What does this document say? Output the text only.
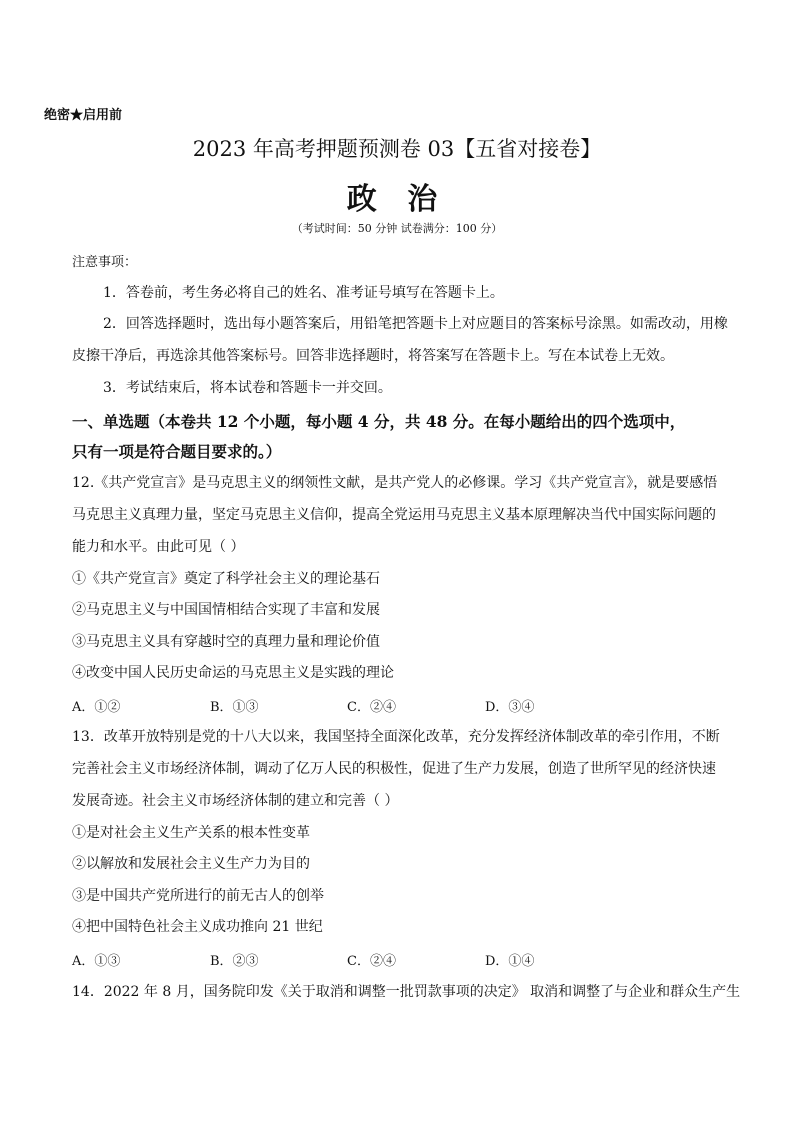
绝密★启用前
2023 年高考押题预测卷 03【五省对接卷】
政 治
（考试时间：50 分钟 试卷满分：100 分）
注意事项：
1．答卷前，考生务必将自己的姓名、准考证号填写在答题卡上。
2．回答选择题时，选出每小题答案后，用铅笔把答题卡上对应题目的答案标号涂黑。如需改动，用橡
皮擦干净后，再选涂其他答案标号。回答非选择题时，将答案写在答题卡上。写在本试卷上无效。
3．考试结束后，将本试卷和答题卡一并交回。
一、单选题（本卷共 12 个小题，每小题 4 分，共 48 分。在每小题给出的四个选项中，
只有一项是符合题目要求的。）
12.《共产党宣言》是马克思主义的纲领性文献，是共产党人的必修课。学习《共产党宣言》，就是要感悟
马克思主义真理力量，坚定马克思主义信仰，提高全党运用马克思主义基本原理解决当代中国实际问题的
能力和水平。由此可见（ ）
①《共产党宣言》奠定了科学社会主义的理论基石
②马克思主义与中国国情相结合实现了丰富和发展
③马克思主义具有穿越时空的真理力量和理论价值
④改变中国人民历史命运的马克思主义是实践的理论
A．①②	B．①③	C．②④	D．③④
13．改革开放特别是党的十八大以来，我国坚持全面深化改革，充分发挥经济体制改革的牵引作用，不断
完善社会主义市场经济体制，调动了亿万人民的积极性，促进了生产力发展，创造了世所罕见的经济快速
发展奇迹。社会主义市场经济体制的建立和完善（ ）
①是对社会主义生产关系的根本性变革
②以解放和发展社会主义生产力为目的
③是中国共产党所进行的前无古人的创举
④把中国特色社会主义成功推向 21 世纪
A．①③	B．②③	C．②④	D．①④
14．2022 年 8 月，国务院印发《关于取消和调整一批罚款事项的决定》 取消和调整了与企业和群众生产生
